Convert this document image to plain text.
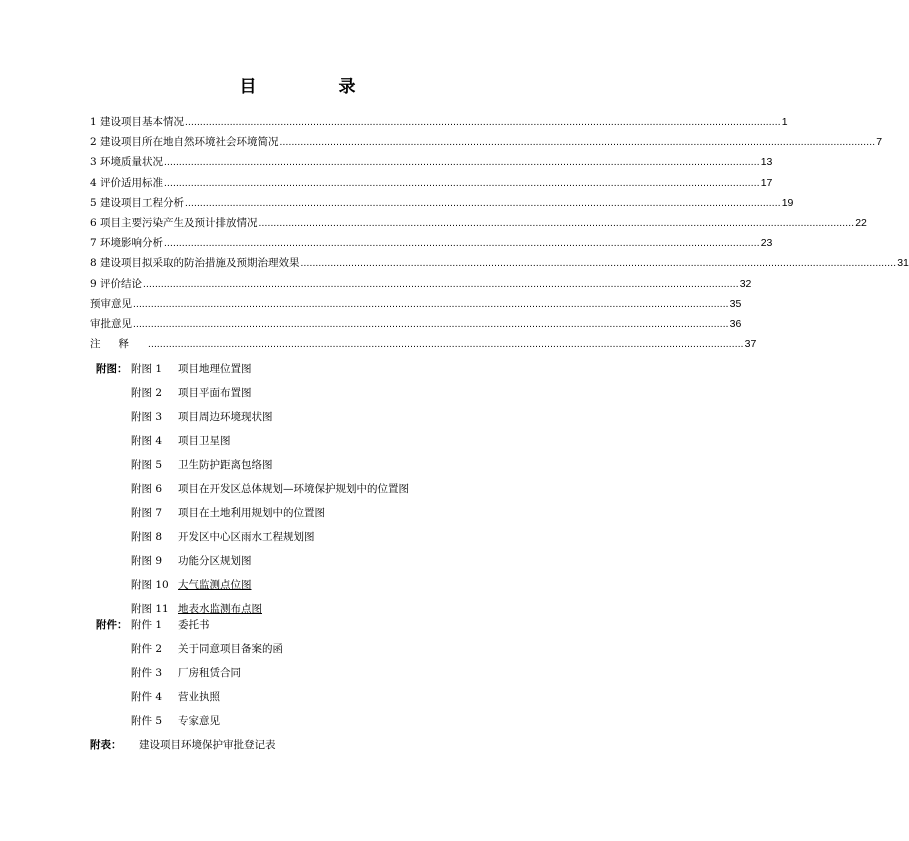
目 录
1 建设项目基本情况 ........................................................................................................................................................................................................ 1
2 建设项目所在地自然环境社会环境简况 ........................................................................................................................................................................................................ 7
3 环境质量状况 ........................................................................................................................................................................................................ 13
4 评价适用标准 ........................................................................................................................................................................................................ 17
5 建设项目工程分析 ........................................................................................................................................................................................................ 19
6 项目主要污染产生及预计排放情况 ........................................................................................................................................................................................................ 22
7 环境影响分析 ........................................................................................................................................................................................................ 23
8 建设项目拟采取的防治措施及预期治理效果 ........................................................................................................................................................................................................ 31
9 评价结论 ........................................................................................................................................................................................................ 32
预审意见 ........................................................................................................................................................................................................ 35
审批意见 ........................................................................................................................................................................................................ 36
注释 ........................................................................................................................................................................................................ 37
附图： 附图 1 项目地理位置图
附图 2 项目平面布置图
附图 3 项目周边环境现状图
附图 4 项目卫星图
附图 5 卫生防护距离包络图
附图 6 项目在开发区总体规划—环境保护规划中的位置图
附图 7 项目在土地利用规划中的位置图
附图 8 开发区中心区雨水工程规划图
附图 9 功能分区规划图
附图 10 大气监测点位图
附图 11 地表水监测布点图
附件： 附件 1 委托书
附件 2 关于同意项目备案的函
附件 3 厂房租赁合同
附件 4 营业执照
附件 5 专家意见
附表： 建设项目环境保护审批登记表
